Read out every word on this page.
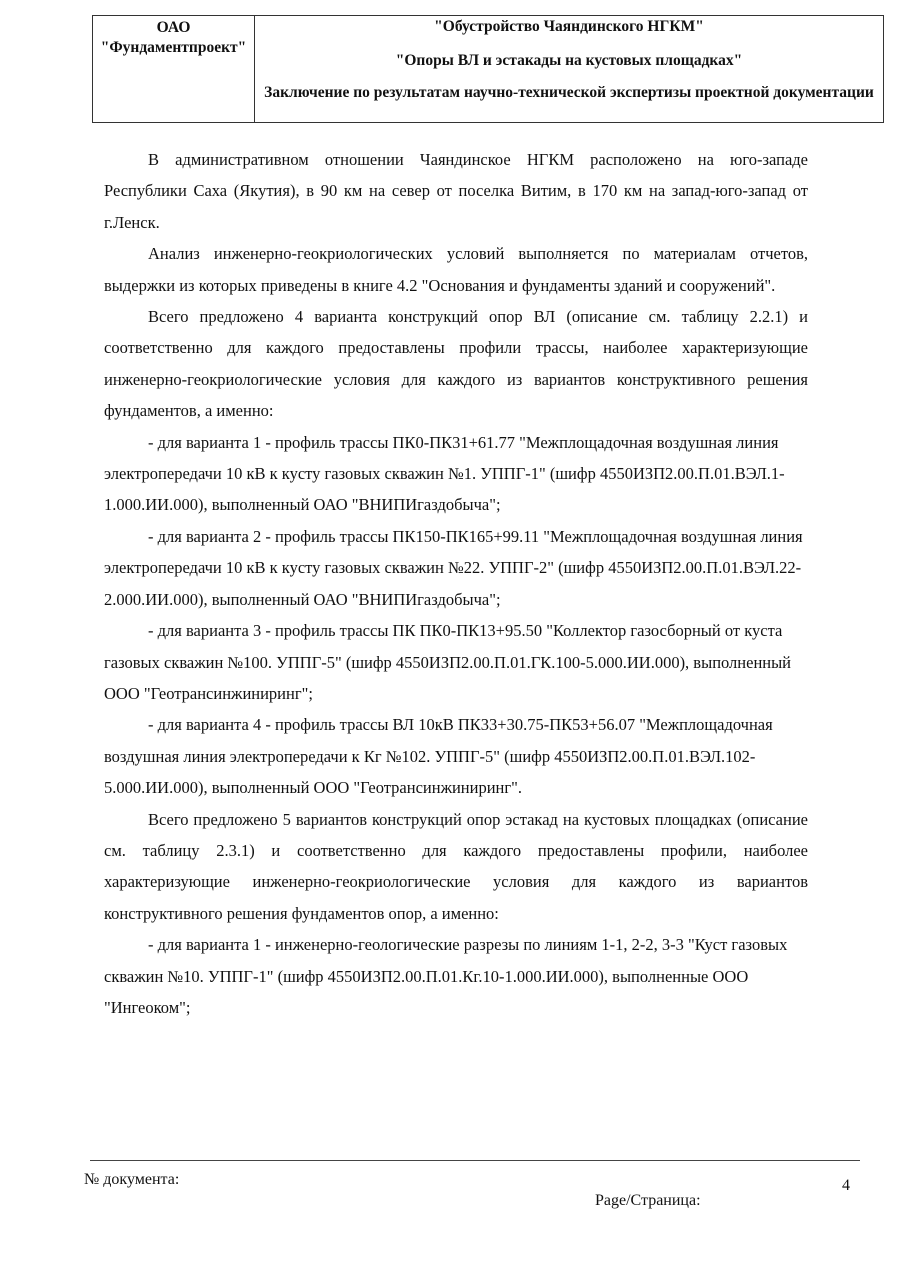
ОАО
"Фундаментпроект"
"Обустройство Чаяндинского НГКМ"
"Опоры ВЛ и эстакады на кустовых площадках"
Заключение по результатам научно-технической экспертизы проектной документации

В административном отношении Чаяндинское НГКМ расположено на юго-западе Республики Саха (Якутия), в 90 км на север от поселка Витим, в 170 км на запад-юго-запад от г.Ленск.

Анализ инженерно-геокриологических условий выполняется по материалам отчетов, выдержки из которых приведены в книге 4.2 "Основания и фундаменты зданий и сооружений".

Всего предложено 4 варианта конструкций опор ВЛ (описание см. таблицу 2.2.1) и соответственно для каждого предоставлены профили трассы, наиболее характеризующие инженерно-геокриологические условия для каждого из вариантов конструктивного решения фундаментов, а именно:

- для варианта 1 - профиль трассы ПК0-ПК31+61.77 "Межплощадочная воздушная линия электропередачи 10 кВ к кусту газовых скважин №1. УППГ-1" (шифр 4550ИЗП2.00.П.01.ВЭЛ.1-1.000.ИИ.000), выполненный ОАО "ВНИПИгаздобыча";

- для варианта 2 - профиль трассы ПК150-ПК165+99.11 "Межплощадочная воздушная линия электропередачи 10 кВ к кусту газовых скважин №22. УППГ-2" (шифр 4550ИЗП2.00.П.01.ВЭЛ.22-2.000.ИИ.000), выполненный ОАО "ВНИПИгаздобыча";

- для варианта 3 - профиль трассы ПК ПК0-ПК13+95.50 "Коллектор газосборный от куста газовых скважин №100. УППГ-5" (шифр 4550ИЗП2.00.П.01.ГК.100-5.000.ИИ.000), выполненный ООО "Геотрансинжиниринг";

- для варианта 4 - профиль трассы ВЛ 10кВ ПК33+30.75-ПК53+56.07 "Межплощадочная воздушная линия электропередачи к Кг №102. УППГ-5" (шифр 4550ИЗП2.00.П.01.ВЭЛ.102-5.000.ИИ.000), выполненный ООО "Геотрансинжиниринг".

Всего предложено 5 вариантов конструкций опор эстакад на кустовых площадках (описание см. таблицу 2.3.1) и соответственно для каждого предоставлены профили, наиболее характеризующие инженерно-геокриологические условия для каждого из вариантов конструктивного решения фундаментов опор, а именно:

- для варианта 1 - инженерно-геологические разрезы по линиям 1-1, 2-2, 3-3 "Куст газовых скважин №10. УППГ-1" (шифр 4550ИЗП2.00.П.01.Кг.10-1.000.ИИ.000), выполненные ООО "Ингеоком";

№ документа:	4
Page/Страница:
